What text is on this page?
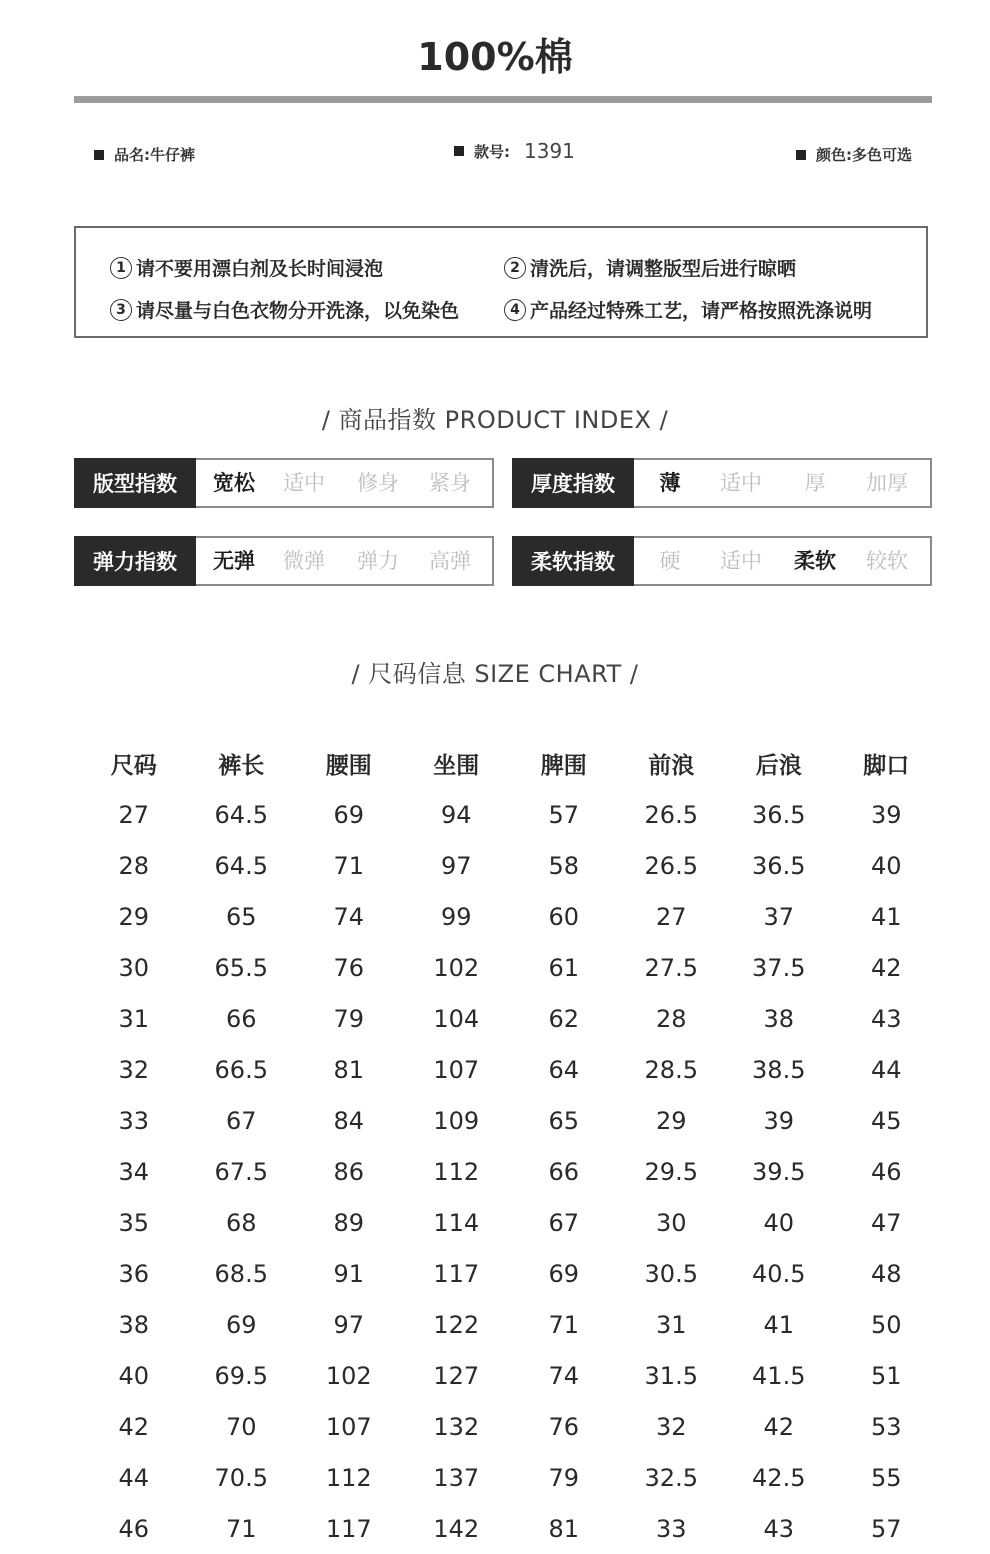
100%棉
品名:牛仔裤	款号: 1391	颜色:多色可选
1 请不要用漂白剂及长时间浸泡	2 清洗后，请调整版型后进行晾晒
3 请尽量与白色衣物分开洗涤，以免染色	4 产品经过特殊工艺，请严格按照洗涤说明
/ 商品指数 PRODUCT INDEX /
版型指数	宽松 适中 修身 紧身	厚度指数	薄 适中 厚 加厚
弹力指数	无弹 微弹 弹力 高弹	柔软指数	硬 适中 柔软 较软
/ 尺码信息 SIZE CHART /
尺码	裤长	腰围	坐围	脾围	前浪	后浪	脚口
27	64.5	69	94	57	26.5	36.5	39
28	64.5	71	97	58	26.5	36.5	40
29	65	74	99	60	27	37	41
30	65.5	76	102	61	27.5	37.5	42
31	66	79	104	62	28	38	43
32	66.5	81	107	64	28.5	38.5	44
33	67	84	109	65	29	39	45
34	67.5	86	112	66	29.5	39.5	46
35	68	89	114	67	30	40	47
36	68.5	91	117	69	30.5	40.5	48
38	69	97	122	71	31	41	50
40	69.5	102	127	74	31.5	41.5	51
42	70	107	132	76	32	42	53
44	70.5	112	137	79	32.5	42.5	55
46	71	117	142	81	33	43	57
